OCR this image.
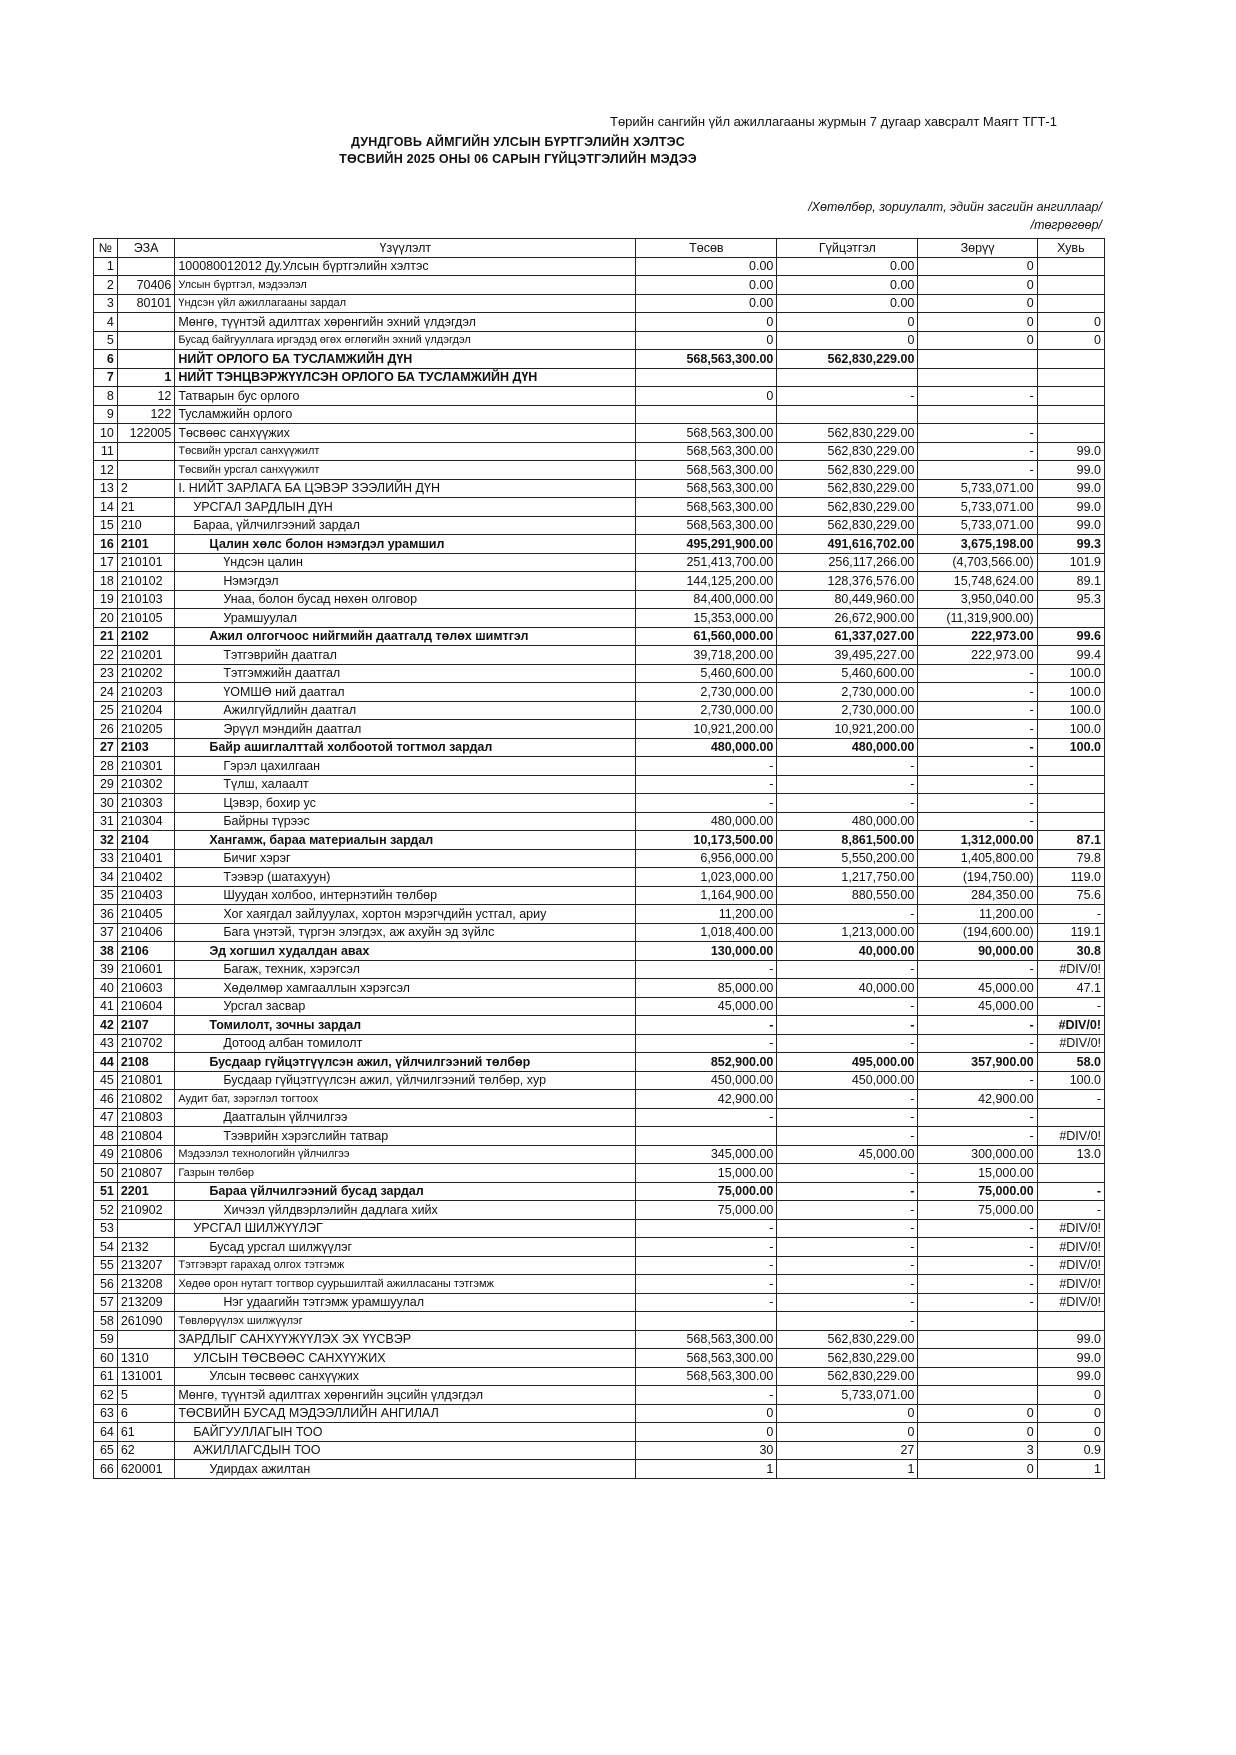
Төрийн сангийн үйл ажиллагааны журмын 7 дугаар хавсралт Маягт ТГТ-1
ДУНДГОВЬ АЙМГИЙН УЛСЫН БҮРТГЭЛИЙН ХЭЛТЭС
ТӨСВИЙН 2025 ОНЫ 06 САРЫН ГҮЙЦЭТГЭЛИЙН МЭДЭЭ
/Хөтөлбөр, зориулалт, эдийн засгийн ангиллаар/
/төгрөгөөр/
№	ЭЗА	Үзүүлэлт	Төсөв	Гүйцэтгэл	Зөрүү	Хувь
1		100080012012 Ду.Улсын бүртгэлийн хэлтэс	0.00	0.00	0	
2	70406	Улсын бүртгэл, мэдээлэл	0.00	0.00	0	
3	80101	Үндсэн үйл ажиллагааны зардал	0.00	0.00	0	
4		Мөнгө, түүнтэй адилтгах хөрөнгийн эхний үлдэгдэл	0	0	0	0
5		Бусад байгууллага иргэдэд өгөх өглөгийн эхний үлдэгдэл	0	0	0	0
6		НИЙТ ОРЛОГО БА ТУСЛАМЖИЙН ДҮН	568,563,300.00	562,830,229.00		
7	1	НИЙТ ТЭНЦВЭРЖҮҮЛСЭН ОРЛОГО БА ТУСЛАМЖИЙН ДҮН				
8	12	Татварын бус орлого	0	-	-	
9	122	Тусламжийн орлого				
10	122005	Төсвөөс санхүүжих	568,563,300.00	562,830,229.00	-	
11		Төсвийн урсгал санхүүжилт	568,563,300.00	562,830,229.00	-	99.0
12		Төсвийн урсгал санхүүжилт	568,563,300.00	562,830,229.00	-	99.0
13	2	I. НИЙТ ЗАРЛАГА БА ЦЭВЭР ЗЭЭЛИЙН ДҮН	568,563,300.00	562,830,229.00	5,733,071.00	99.0
14	21	УРСГАЛ ЗАРДЛЫН ДҮН	568,563,300.00	562,830,229.00	5,733,071.00	99.0
15	210	Бараа, үйлчилгээний зардал	568,563,300.00	562,830,229.00	5,733,071.00	99.0
16	2101	Цалин хөлс болон нэмэгдэл урамшил	495,291,900.00	491,616,702.00	3,675,198.00	99.3
17	210101	Үндсэн цалин	251,413,700.00	256,117,266.00	(4,703,566.00)	101.9
18	210102	Нэмэгдэл	144,125,200.00	128,376,576.00	15,748,624.00	89.1
19	210103	Унаа, болон бусад нөхөн олговор	84,400,000.00	80,449,960.00	3,950,040.00	95.3
20	210105	Урамшуулал	15,353,000.00	26,672,900.00	(11,319,900.00)	
21	2102	Ажил олгогчоос нийгмийн даатгалд төлөх шимтгэл	61,560,000.00	61,337,027.00	222,973.00	99.6
22	210201	Тэтгэврийн даатгал	39,718,200.00	39,495,227.00	222,973.00	99.4
23	210202	Тэтгэмжийн даатгал	5,460,600.00	5,460,600.00	-	100.0
24	210203	ҮОМШӨ ний даатгал	2,730,000.00	2,730,000.00	-	100.0
25	210204	Ажилгүйдлийн даатгал	2,730,000.00	2,730,000.00	-	100.0
26	210205	Эрүүл мэндийн даатгал	10,921,200.00	10,921,200.00	-	100.0
27	2103	Байр ашиглалттай холбоотой тогтмол зардал	480,000.00	480,000.00	-	100.0
28	210301	Гэрэл цахилгаан	-	-	-	
29	210302	Түлш, халаалт	-	-	-	
30	210303	Цэвэр, бохир ус	-	-	-	
31	210304	Байрны түрээс	480,000.00	480,000.00	-	
32	2104	Хангамж, бараа материалын зардал	10,173,500.00	8,861,500.00	1,312,000.00	87.1
33	210401	Бичиг хэрэг	6,956,000.00	5,550,200.00	1,405,800.00	79.8
34	210402	Тээвэр (шатахуун)	1,023,000.00	1,217,750.00	(194,750.00)	119.0
35	210403	Шуудан холбоо, интернэтийн төлбөр	1,164,900.00	880,550.00	284,350.00	75.6
36	210405	Хог хаягдал зайлуулах, хортон мэрэгчдийн устгал, ариу	11,200.00	-	11,200.00	-
37	210406	Бага үнэтэй, түргэн элэгдэх, аж ахуйн эд зүйлс	1,018,400.00	1,213,000.00	(194,600.00)	119.1
38	2106	Эд хогшил худалдан авах	130,000.00	40,000.00	90,000.00	30.8
39	210601	Багаж, техник, хэрэгсэл	-	-	-	#DIV/0!
40	210603	Хөдөлмөр хамгааллын хэрэгсэл	85,000.00	40,000.00	45,000.00	47.1
41	210604	Урсгал засвар	45,000.00	-	45,000.00	-
42	2107	Томилолт, зочны зардал	-	-	-	#DIV/0!
43	210702	Дотоод албан томилолт	-	-	-	#DIV/0!
44	2108	Бусдаар гүйцэтгүүлсэн ажил, үйлчилгээний төлбөр	852,900.00	495,000.00	357,900.00	58.0
45	210801	Бусдаар гүйцэтгүүлсэн ажил, үйлчилгээний төлбөр, хур	450,000.00	450,000.00	-	100.0
46	210802	Аудит бат, зэрэглэл тогтоох	42,900.00	-	42,900.00	-
47	210803	Даатгалын үйлчилгээ	-	-	-	
48	210804	Тээврийн хэрэгслийн татвар		-	-	#DIV/0!
49	210806	Мэдээлэл технологийн үйлчилгээ	345,000.00	45,000.00	300,000.00	13.0
50	210807	Газрын төлбөр	15,000.00	-	15,000.00	
51	2201	Бараа үйлчилгээний бусад зардал	75,000.00	-	75,000.00	-
52	210902	Хичээл үйлдвэрлэлийн дадлага хийх	75,000.00	-	75,000.00	-
53		УРСГАЛ ШИЛЖҮҮЛЭГ	-	-	-	#DIV/0!
54	2132	Бусад урсгал шилжүүлэг	-	-	-	#DIV/0!
55	213207	Тэтгэвэрт гарахад олгох тэтгэмж	-	-	-	#DIV/0!
56	213208	Хөдөө орон нутагт тогтвор суурьшилтай ажилласаны тэтгэмж	-	-	-	#DIV/0!
57	213209	Нэг удаагийн тэтгэмж урамшуулал	-	-	-	#DIV/0!
58	261090	Төвлөрүүлэх шилжүүлэг		-		
59		ЗАРДЛЫГ САНХҮҮЖҮҮЛЭХ ЭХ ҮҮСВЭР	568,563,300.00	562,830,229.00		99.0
60	1310	УЛСЫН ТӨСВӨӨС САНХҮҮЖИХ	568,563,300.00	562,830,229.00		99.0
61	131001	Улсын төсвөөс санхүүжих	568,563,300.00	562,830,229.00		99.0
62	5	Мөнгө, түүнтэй адилтгах хөрөнгийн эцсийн үлдэгдэл	-	5,733,071.00		0
63	6	ТӨСВИЙН БУСАД МЭДЭЭЛЛИЙН АНГИЛАЛ	0	0	0	0
64	61	БАЙГУУЛЛАГЫН ТОО	0	0	0	0
65	62	АЖИЛЛАГСДЫН ТОО	30	27	3	0.9
66	620001	Удирдах ажилтан	1	1	0	1
